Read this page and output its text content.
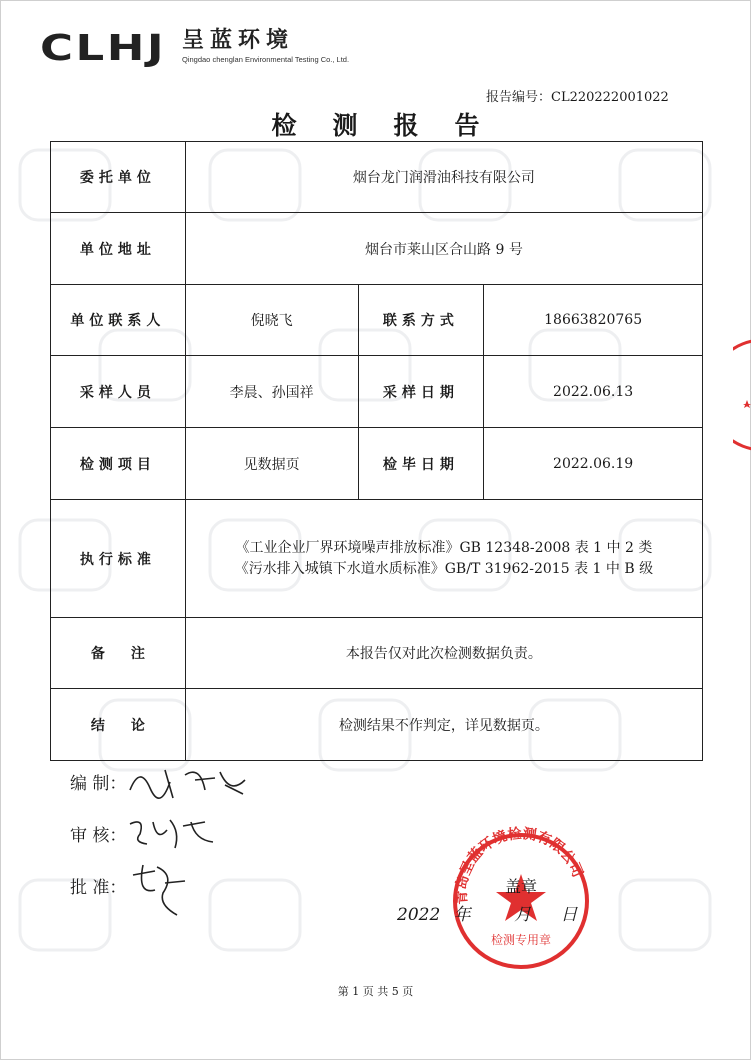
CLHJ 呈蓝环境
Qingdao chenglan Environmental Testing Co., Ltd.
报告编号：CL220222001022
检测报告
委托单位	烟台龙门润滑油科技有限公司		
单位地址	烟台市莱山区合山路 9 号		
单位联系人	倪晓飞	联系方式	18663820765
采样人员	李晨、孙国祥	采样日期	2022.06.13
检测项目	见数据页	检毕日期	2022.06.19
执行标准	《工业企业厂界环境噪声排放标准》GB 12348-2008 表 1 中 2 类
《污水排入城镇下水道水质标准》GB/T 31962-2015 表 1 中 B 级		

备注	本报告仅对此次检测数据负责。		
结论	检测结果不作判定，详见数据页。		
编 制：
审 核：
批 准：	青岛呈蓝环境检测有限公司
检测专用章
盖章
2022 年	月 日
第 1 页 共 5 页
